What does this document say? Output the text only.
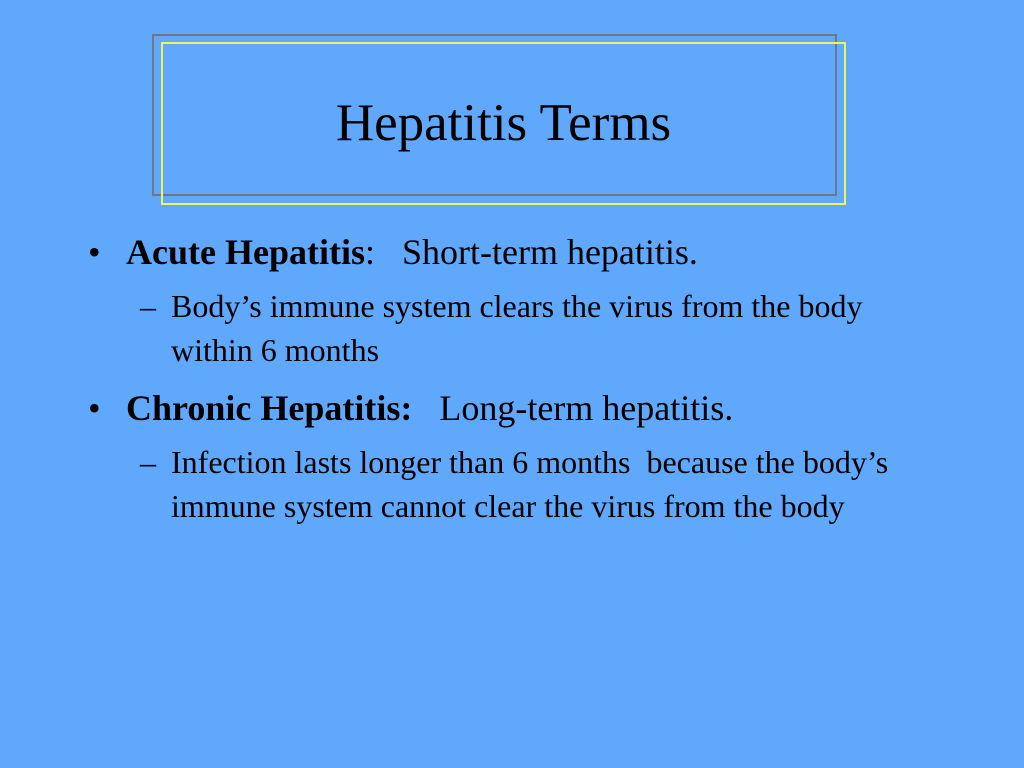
Hepatitis Terms
• Acute Hepatitis:   Short-term hepatitis.
– Body’s immune system clears the virus from the body within 6 months
• Chronic Hepatitis:   Long-term hepatitis.
– Infection lasts longer than 6 months  because the body’s immune system cannot clear the virus from the body
